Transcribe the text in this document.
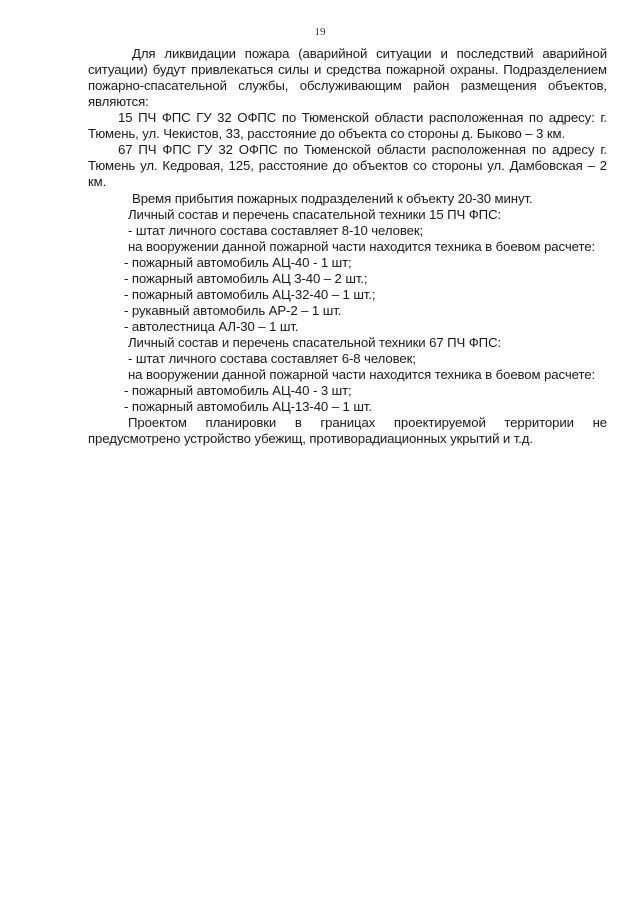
19

Для ликвидации пожара (аварийной ситуации и последствий аварийной ситуации) будут привлекаться силы и средства пожарной охраны. Подразделением пожарно-спасательной службы, обслуживающим район размещения объектов, являются:

15 ПЧ ФПС ГУ 32 ОФПС по Тюменской области расположенная по адресу: г. Тюмень, ул. Чекистов, 33, расстояние до объекта со стороны д. Быково – 3 км.

67 ПЧ ФПС ГУ 32 ОФПС по Тюменской области расположенная по адресу г. Тюмень ул. Кедровая, 125, расстояние до объектов со стороны ул. Дамбовская – 2 км.

Время прибытия пожарных подразделений к объекту 20-30 минут.

Личный состав и перечень спасательной техники 15 ПЧ ФПС:

- штат личного состава составляет 8-10 человек;

на вооружении данной пожарной части находится техника в боевом расчете:

- пожарный автомобиль АЦ-40 - 1 шт;

- пожарный автомобиль АЦ 3-40 – 2 шт.;

- пожарный автомобиль АЦ-32-40 – 1 шт.;

- рукавный автомобиль АР-2 – 1 шт.

- автолестница АЛ-30 – 1 шт.

Личный состав и перечень спасательной техники 67 ПЧ ФПС:

- штат личного состава составляет 6-8 человек;

на вооружении данной пожарной части находится техника в боевом расчете:

- пожарный автомобиль АЦ-40 - 3 шт;

- пожарный автомобиль АЦ-13-40 – 1 шт.

Проектом планировки в границах проектируемой территории не предусмотрено устройство убежищ, противорадиационных укрытий и т.д.
